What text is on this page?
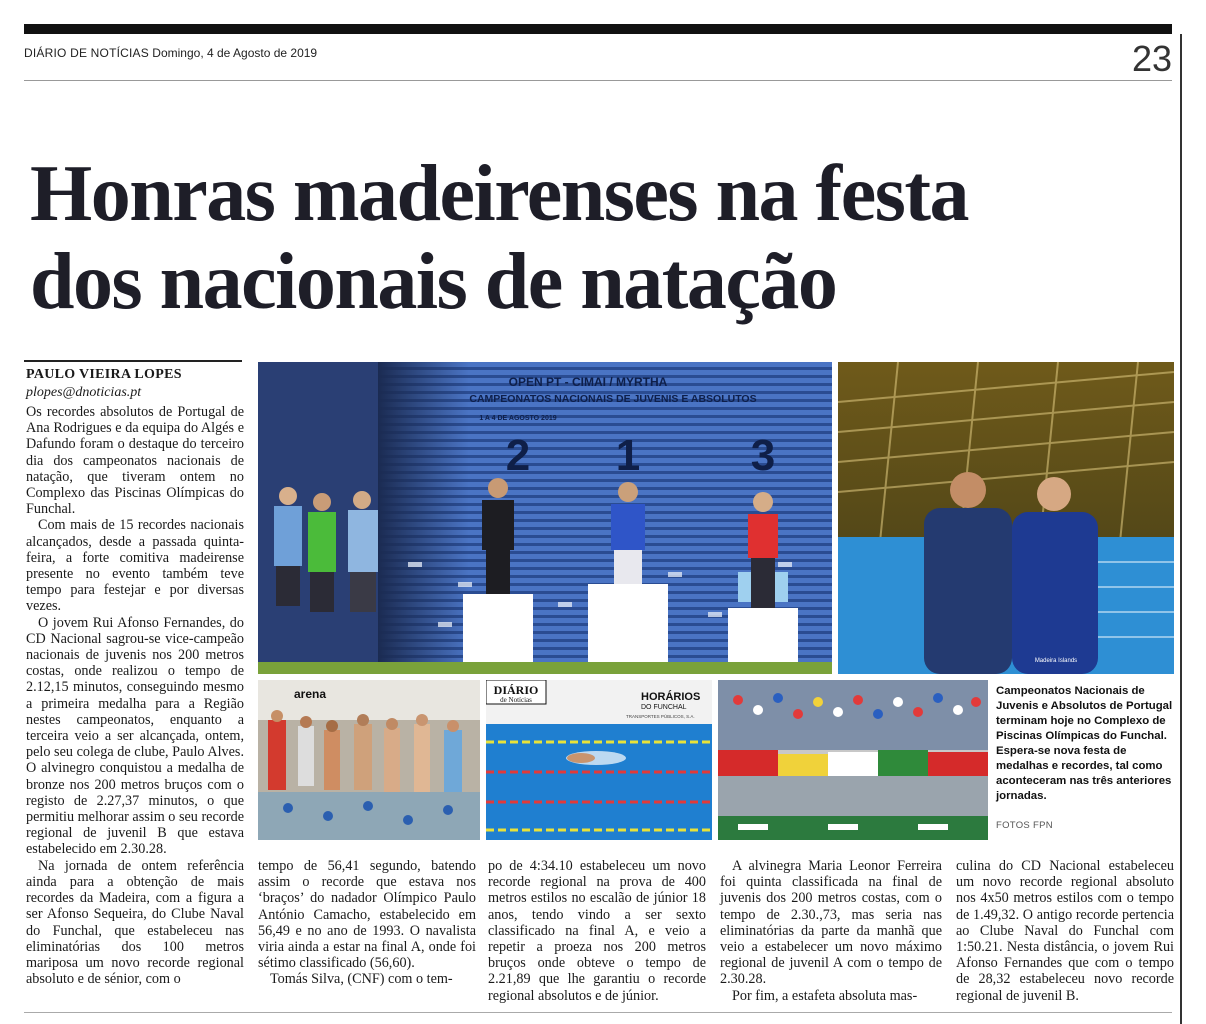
DIÁRIO DE NOTÍCIAS Domingo, 4 de Agosto de 2019	23
Honras madeirenses na festa
dos nacionais de natação
PAULO VIEIRA LOPES
plopes@dnoticias.pt

Os recordes absolutos de Portugal de Ana Rodrigues e da equipa do Algés e Dafundo foram o destaque do terceiro dia dos campeonatos nacionais de natação, que tiveram ontem no Complexo das Piscinas Olímpicas do Funchal.

Com mais de 15 recordes nacionais alcançados, desde a passada quinta-feira, a forte comitiva madeirense presente no evento também teve tempo para festejar e por diversas vezes.

O jovem Rui Afonso Fernandes, do CD Nacional sagrou-se vice-campeão nacionais de juvenis nos 200 metros costas, onde realizou o tempo de 2.12,15 minutos, conseguindo mesmo a primeira medalha para a Região nestes campeonatos, enquanto a terceira veio a ser alcançada, ontem, pelo seu colega de clube, Paulo Alves. O alvinegro conquistou a medalha de bronze nos 200 metros bruços com o registo de 2.27,37 minutos, o que permitiu melhorar assim o seu recorde regional de juvenil B que estava estabelecido em 2.30.28.

Na jornada de ontem referência ainda para a obtenção de mais recordes da Madeira, com a figura a ser Afonso Sequeira, do Clube Naval do Funchal, que estabeleceu nas eliminatórias dos 100 metros mariposa um novo recorde regional absoluto e de sénior, com o

OPEN PT - CIMAI / MYRTHA
CAMPEONATOS NACIONAIS DE JUVENIS E ABSOLUTOS
1 A 4 DE AGOSTO 2019
2 1	3
Madeira Islands
arena	DIÁRIO
de Notícias	HORÁRIOS
DO FUNCHAL
TRANSPORTES PÚBLICOS, S.A.
Campeonatos Nacionais de Juvenis e Absolutos de Portugal terminam hoje no Complexo de Piscinas Olímpicas do Funchal. Espera-se nova festa de medalhas e recordes, tal como aconteceram nas três anteriores jornadas.
FOTOS FPN

tempo de 56,41 segundo, batendo assim o recorde que estava nos ‘braços’ do nadador Olímpico Paulo António Camacho, estabelecido em 56,49 e no ano de 1993. O navalista viria ainda a estar na final A, onde foi sétimo classificado (56,60).

Tomás Silva, (CNF) com o tem-

po de 4:34.10 estabeleceu um novo recorde regional na prova de 400 metros estilos no escalão de júnior 18 anos, tendo vindo a ser sexto classificado na final A, e veio a repetir a proeza nos 200 metros bruços onde obteve o tempo de 2.21,89 que lhe garantiu o recorde regional absolutos e de júnior.

A alvinegra Maria Leonor Ferreira foi quinta classificada na final de juvenis dos 200 metros costas, com o tempo de 2.30.,73, mas seria nas eliminatórias da parte da manhã que veio a estabelecer um novo máximo regional de juvenil A com o tempo de 2.30.28.

Por fim, a estafeta absoluta mas-

culina do CD Nacional estabeleceu um novo recorde regional absoluto nos 4x50 metros estilos com o tempo de 1.49,32. O antigo recorde pertencia ao Clube Naval do Funchal com 1:50.21. Nesta distância, o jovem Rui Afonso Fernandes que com o tempo de 28,32 estabeleceu novo recorde regional de juvenil B.
